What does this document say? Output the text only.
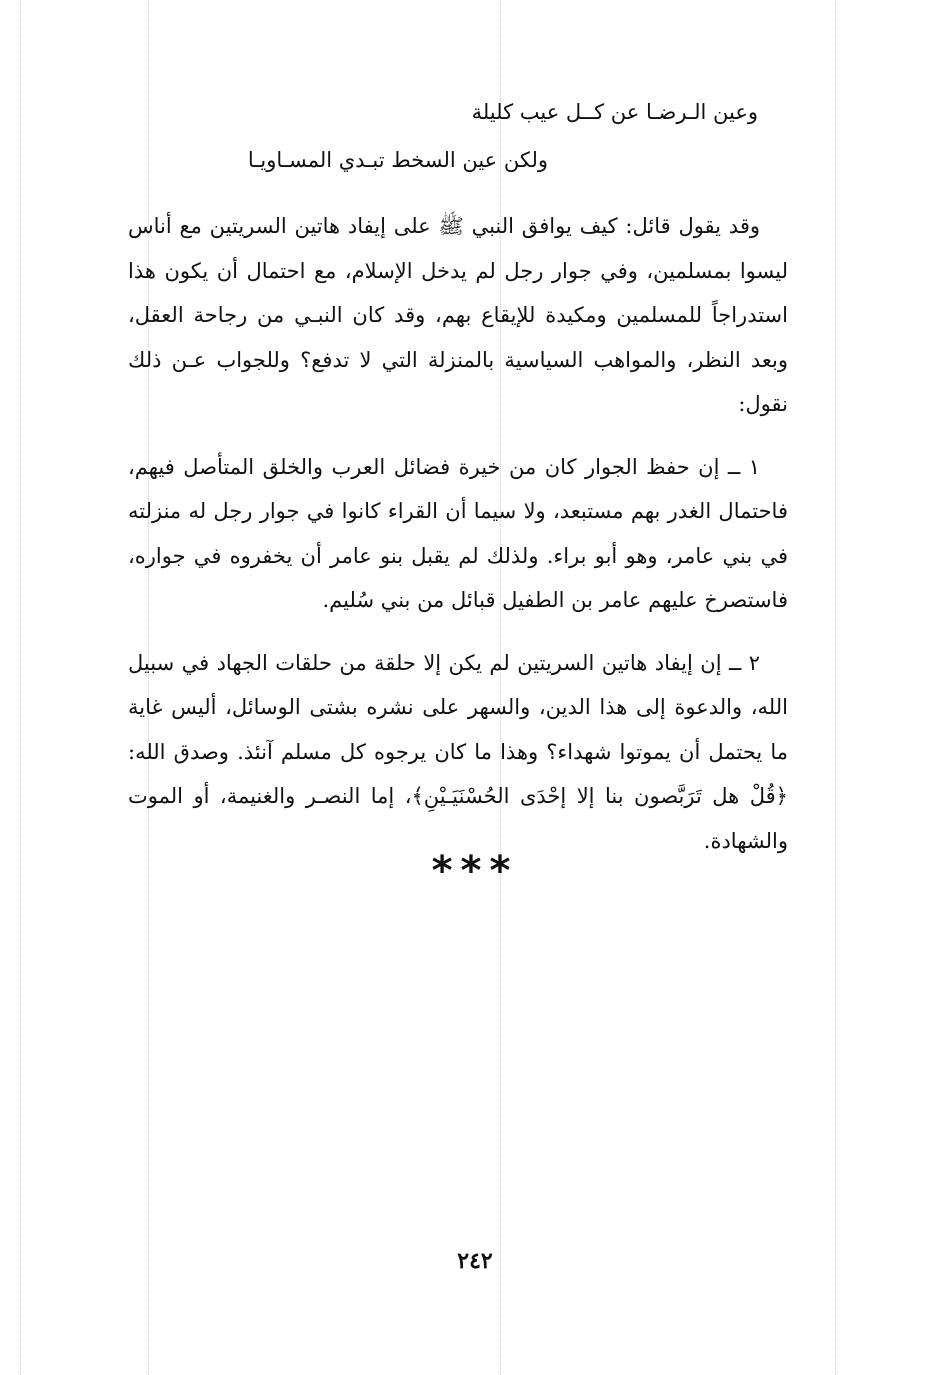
وعين الـرضـا عن كــل عيب كليلة
ولكن عين السخط تبـدي المسـاويـا

وقد يقول قائل: كيف يوافق النبي ﷺ على إيفاد هاتين السريتين مع أناس ليسوا بمسلمين، وفي جوار رجل لم يدخل الإسلام، مع احتمال أن يكون هذا استدراجاً للمسلمين ومكيدة للإيقاع بهم، وقد كان النبـي من رجاحة العقل، وبعد النظر، والمواهب السياسية بالمنزلة التي لا تدفع؟ وللجواب عـن ذلك نقول:

١ ــ إن حفظ الجوار كان من خيرة فضائل العرب والخلق المتأصل فيهم، فاحتمال الغدر بهم مستبعد، ولا سيما أن القراء كانوا في جوار رجل له منزلته في بني عامر، وهو أبو براء. ولذلك لم يقبل بنو عامر أن يخفروه في جواره، فاستصرخ عليهم عامر بن الطفيل قبائل من بني سُليم.

٢ ــ إن إيفاد هاتين السريتين لم يكن إلا حلقة من حلقات الجهاد في سبيل الله، والدعوة إلى هذا الدين، والسهر على نشره بشتى الوسائل، أليس غاية ما يحتمل أن يموتوا شهداء؟ وهذا ما كان يرجوه كل مسلم آنئذ. وصدق الله: ﴿قُلْ هل تَرَبَّصون بنا إلا إحْدَى الحُسْنَيَـيْنِ﴾، إما النصـر والغنيمة، أو الموت والشهادة.

***
٢٤٢
